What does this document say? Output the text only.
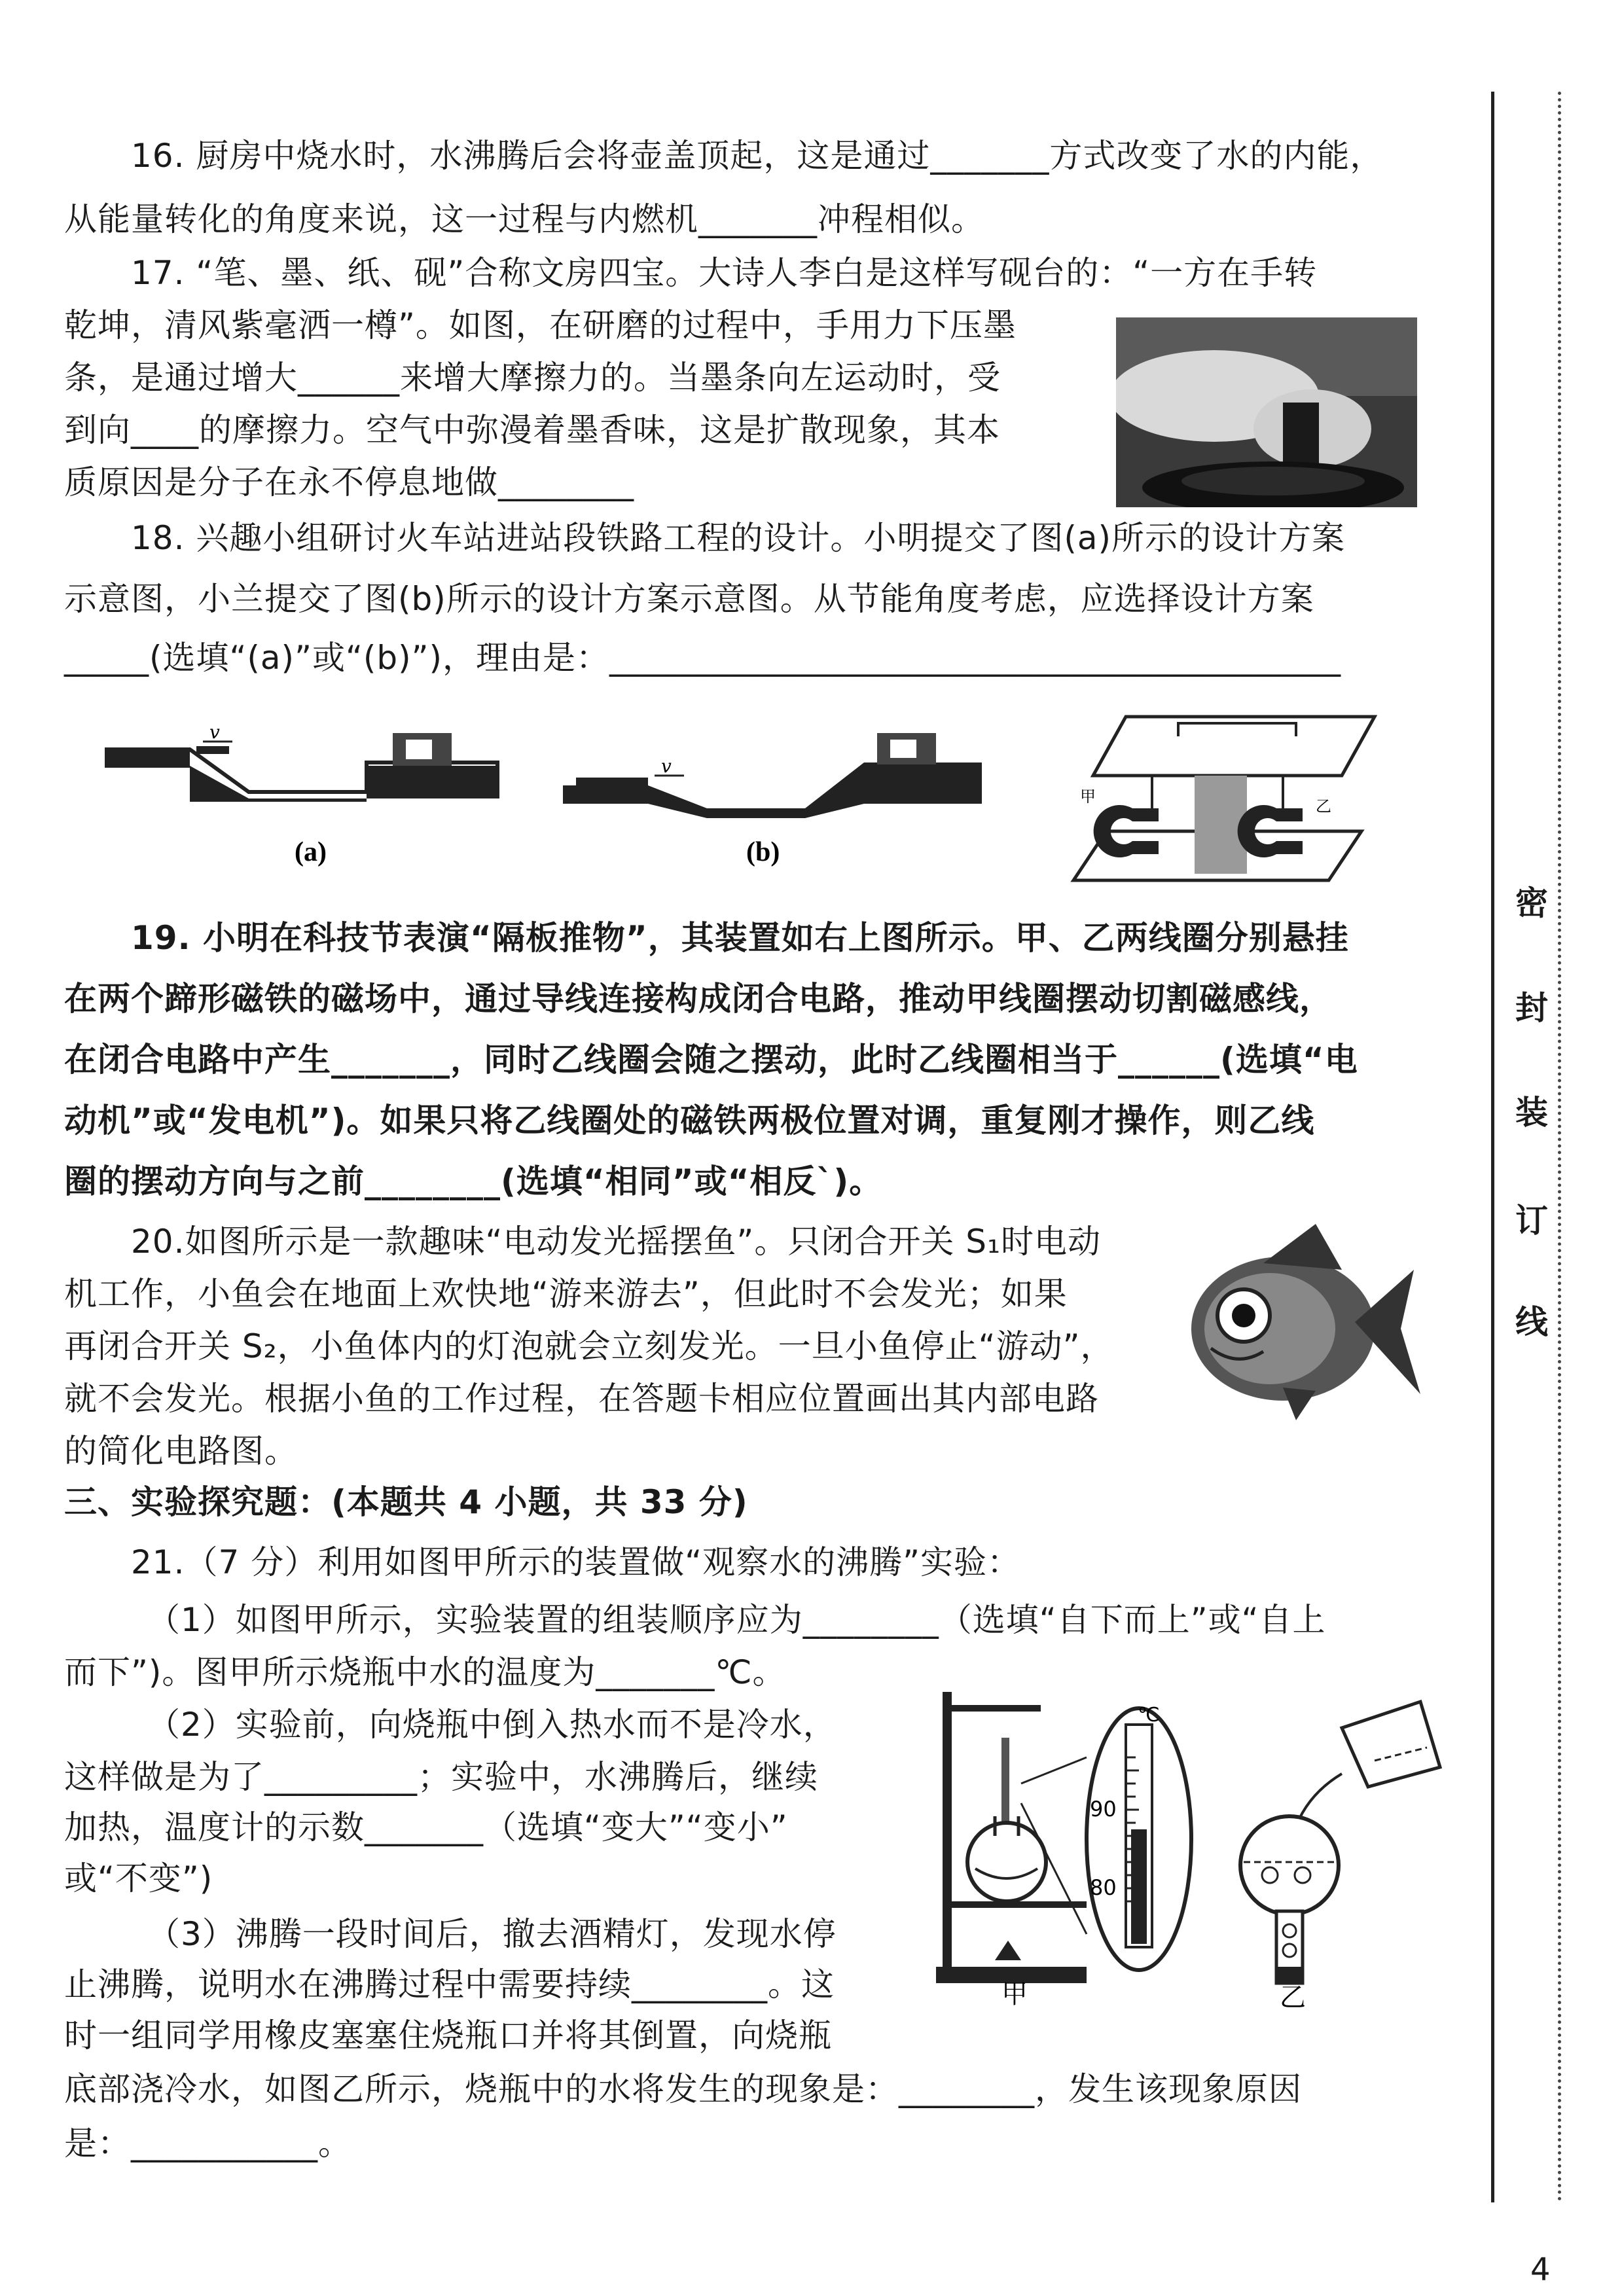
16. 厨房中烧水时，水沸腾后会将壶盖顶起，这是通过_______方式改变了水的内能，
从能量转化的角度来说，这一过程与内燃机_______冲程相似。
17. “笔、墨、纸、砚”合称文房四宝。大诗人李白是这样写砚台的：“一方在手转
乾坤，清风紫毫洒一樽”。如图，在研磨的过程中，手用力下压墨
条，是通过增大______来增大摩擦力的。当墨条向左运动时，受
到向____的摩擦力。空气中弥漫着墨香味，这是扩散现象，其本
质原因是分子在永不停息地做________
18. 兴趣小组研讨火车站进站段铁路工程的设计。小明提交了图(a)所示的设计方案
示意图，小兰提交了图(b)所示的设计方案示意图。从节能角度考虑，应选择设计方案
_____(选填“(a)”或“(b)”)，理由是：___________________________________________
19. 小明在科技节表演“隔板推物”，其装置如右上图所示。甲、乙两线圈分别悬挂
在两个蹄形磁铁的磁场中，通过导线连接构成闭合电路，推动甲线圈摆动切割磁感线，
在闭合电路中产生_______，同时乙线圈会随之摆动，此时乙线圈相当于______(选填“电
动机”或“发电机”)。如果只将乙线圈处的磁铁两极位置对调，重复刚才操作，则乙线
圈的摆动方向与之前________(选填“相同”或“相反`)。
20.如图所示是一款趣味“电动发光摇摆鱼”。只闭合开关 S₁时电动
机工作，小鱼会在地面上欢快地“游来游去”，但此时不会发光；如果
再闭合开关 S₂，小鱼体内的灯泡就会立刻发光。一旦小鱼停止“游动”，
就不会发光。根据小鱼的工作过程，在答题卡相应位置画出其内部电路
的简化电路图。
三、实验探究题：(本题共 4 小题，共 33 分)
21.（7 分）利用如图甲所示的装置做“观察水的沸腾”实验：
（1）如图甲所示，实验装置的组装顺序应为________（选填“自下而上”或“自上
而下”)。图甲所示烧瓶中水的温度为_______℃。
（2）实验前，向烧瓶中倒入热水而不是冷水，
这样做是为了_________；实验中，水沸腾后，继续
加热，温度计的示数_______（选填“变大”“变小”
或“不变”)
（3）沸腾一段时间后，撤去酒精灯，发现水停
止沸腾，说明水在沸腾过程中需要持续________。这
时一组同学用橡皮塞塞住烧瓶口并将其倒置，向烧瓶
底部浇冷水，如图乙所示，烧瓶中的水将发生的现象是：________，发生该现象原因
是：___________。
v
(a)
v
(b)
甲
乙
℃
90
80
甲	乙
密
封
装
订
线
4
